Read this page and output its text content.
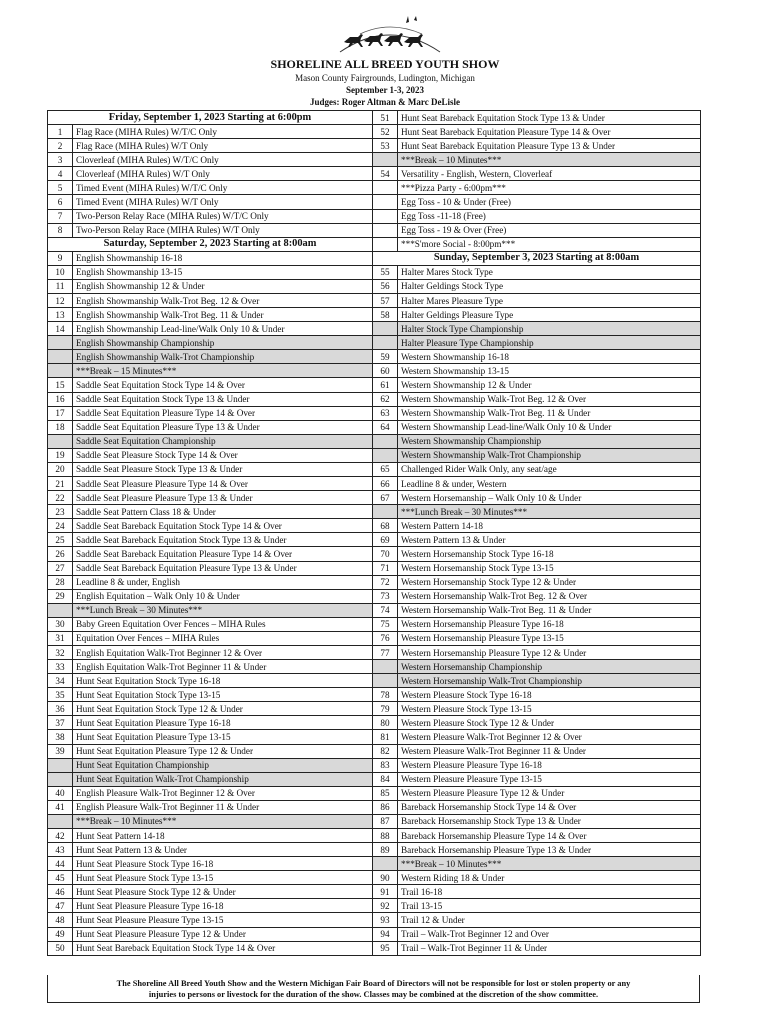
SHORELINE ALL BREED YOUTH SHOW
Mason County Fairgrounds, Ludington, Michigan
September 1-3, 2023
Judges: Roger Altman & Marc DeLisle
Friday, September 1, 2023 Starting at 6:00pm		51	Hunt Seat Bareback Equitation Stock Type 13 & Under
1	Flag Race (MIHA Rules) W/T/C Only	52	Hunt Seat Bareback Equitation Pleasure Type 14 & Over
2	Flag Race (MIHA Rules) W/T Only	53	Hunt Seat Bareback Equitation Pleasure Type 13 & Under
3	Cloverleaf (MIHA Rules) W/T/C Only		***Break – 10 Minutes***
4	Cloverleaf (MIHA Rules) W/T Only	54	Versatility - English, Western, Cloverleaf
5	Timed Event (MIHA Rules) W/T/C Only		***Pizza Party - 6:00pm***
6	Timed Event (MIHA Rules) W/T Only		Egg Toss - 10 & Under (Free)
7	Two-Person Relay Race (MIHA Rules) W/T/C Only		Egg Toss -11-18 (Free)
8	Two-Person Relay Race (MIHA Rules) W/T Only		Egg Toss - 19 & Over (Free)
Saturday, September 2, 2023 Starting at 8:00am			***S'more Social - 8:00pm***
9	English Showmanship 16-18	Sunday, September 3, 2023 Starting at 8:00am	
10	English Showmanship 13-15	55	Halter Mares Stock Type
11	English Showmanship 12 & Under	56	Halter Geldings Stock Type
12	English Showmanship Walk-Trot Beg. 12 & Over	57	Halter Mares Pleasure Type
13	English Showmanship Walk-Trot Beg. 11 & Under	58	Halter Geldings Pleasure Type
14	English Showmanship Lead-line/Walk Only 10 & Under		Halter Stock Type Championship
	English Showmanship Championship		Halter Pleasure Type Championship
	English Showmanship Walk-Trot Championship	59	Western Showmanship 16-18
	***Break – 15 Minutes***	60	Western Showmanship 13-15
15	Saddle Seat Equitation Stock Type 14 & Over	61	Western Showmanship 12 & Under
16	Saddle Seat Equitation Stock Type 13 & Under	62	Western Showmanship Walk-Trot Beg. 12 & Over
17	Saddle Seat Equitation Pleasure Type 14 & Over	63	Western Showmanship Walk-Trot Beg. 11 & Under
18	Saddle Seat Equitation Pleasure Type 13 & Under	64	Western Showmanship Lead-line/Walk Only 10 & Under
	Saddle Seat Equitation Championship		Western Showmanship Championship
19	Saddle Seat Pleasure Stock Type 14 & Over		Western Showmanship Walk-Trot Championship
20	Saddle Seat Pleasure Stock Type 13 & Under	65	Challenged Rider Walk Only, any seat/age
21	Saddle Seat Pleasure Pleasure Type 14 & Over	66	Leadline 8 & under, Western
22	Saddle Seat Pleasure Pleasure Type 13 & Under	67	Western Horsemanship – Walk Only 10 & Under
23	Saddle Seat Pattern Class 18 & Under		***Lunch Break – 30 Minutes***
24	Saddle Seat Bareback Equitation Stock Type 14 & Over	68	Western Pattern 14-18
25	Saddle Seat Bareback Equitation Stock Type 13 & Under	69	Western Pattern 13 & Under
26	Saddle Seat Bareback Equitation Pleasure Type 14 & Over	70	Western Horsemanship Stock Type 16-18
27	Saddle Seat Bareback Equitation Pleasure Type 13 & Under	71	Western Horsemanship Stock Type 13-15
28	Leadline 8 & under, English	72	Western Horsemanship Stock Type 12 & Under
29	English Equitation – Walk Only 10 & Under	73	Western Horsemanship Walk-Trot Beg. 12 & Over
	***Lunch Break – 30 Minutes***	74	Western Horsemanship Walk-Trot Beg. 11 & Under
30	Baby Green Equitation Over Fences – MIHA Rules	75	Western Horsemanship Pleasure Type 16-18
31	Equitation Over Fences – MIHA Rules	76	Western Horsemanship Pleasure Type 13-15
32	English Equitation Walk-Trot Beginner 12 & Over	77	Western Horsemanship Pleasure Type 12 & Under
33	English Equitation Walk-Trot Beginner 11 & Under		Western Horsemanship Championship
34	Hunt Seat Equitation Stock Type 16-18		Western Horsemanship Walk-Trot Championship
35	Hunt Seat Equitation Stock Type 13-15	78	Western Pleasure Stock Type 16-18
36	Hunt Seat Equitation Stock Type 12 & Under	79	Western Pleasure Stock Type 13-15
37	Hunt Seat Equitation Pleasure Type 16-18	80	Western Pleasure Stock Type 12 & Under
38	Hunt Seat Equitation Pleasure Type 13-15	81	Western Pleasure Walk-Trot Beginner 12 & Over
39	Hunt Seat Equitation Pleasure Type 12 & Under	82	Western Pleasure Walk-Trot Beginner 11 & Under
	Hunt Seat Equitation Championship	83	Western Pleasure Pleasure Type 16-18
	Hunt Seat Equitation Walk-Trot Championship	84	Western Pleasure Pleasure Type 13-15
40	English Pleasure Walk-Trot Beginner 12 & Over	85	Western Pleasure Pleasure Type 12 & Under
41	English Pleasure Walk-Trot Beginner 11 & Under	86	Bareback Horsemanship Stock Type 14 & Over
	***Break – 10 Minutes***	87	Bareback Horsemanship Stock Type 13 & Under
42	Hunt Seat Pattern 14-18	88	Bareback Horsemanship Pleasure Type 14 & Over
43	Hunt Seat Pattern 13 & Under	89	Bareback Horsemanship Pleasure Type 13 & Under
44	Hunt Seat Pleasure Stock Type 16-18		***Break – 10 Minutes***
45	Hunt Seat Pleasure Stock Type 13-15	90	Western Riding 18 & Under
46	Hunt Seat Pleasure Stock Type 12 & Under	91	Trail 16-18
47	Hunt Seat Pleasure Pleasure Type 16-18	92	Trail 13-15
48	Hunt Seat Pleasure Pleasure Type 13-15	93	Trail 12 & Under
49	Hunt Seat Pleasure Pleasure Type 12 & Under	94	Trail – Walk-Trot Beginner 12 and Over
50	Hunt Seat Bareback Equitation Stock Type 14 & Over	95	Trail – Walk-Trot Beginner 11 & Under
The Shoreline All Breed Youth Show and the Western Michigan Fair Board of Directors will not be responsible for lost or stolen property or any
injuries to persons or livestock for the duration of the show. Classes may be combined at the discretion of the show committee.
